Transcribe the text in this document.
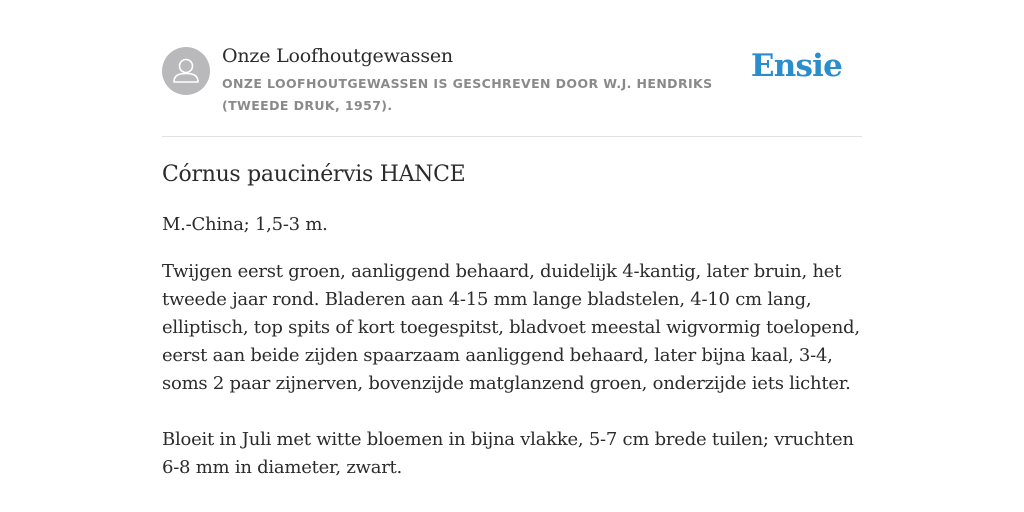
Onze Loofhoutgewassen
ONZE LOOFHOUTGEWASSEN IS GESCHREVEN DOOR W.J. HENDRIKS (TWEEDE DRUK, 1957).
Ensie
Córnus paucinérvis HANCE

M.-China; 1,5-3 m.

Twijgen eerst groen, aanliggend behaard, duidelijk 4-kantig, later bruin, het tweede jaar rond. Bladeren aan 4-15 mm lange bladstelen, 4-10 cm lang, elliptisch, top spits of kort toegespitst, bladvoet meestal wigvormig toelopend, eerst aan beide zijden spaarzaam aanliggend behaard, later bijna kaal, 3-4, soms 2 paar zijnerven, bovenzijde matglanzend groen, onderzijde iets lichter.

Bloeit in Juli met witte bloemen in bijna vlakke, 5-7 cm brede tuilen; vruchten 6-8 mm in diameter, zwart.
